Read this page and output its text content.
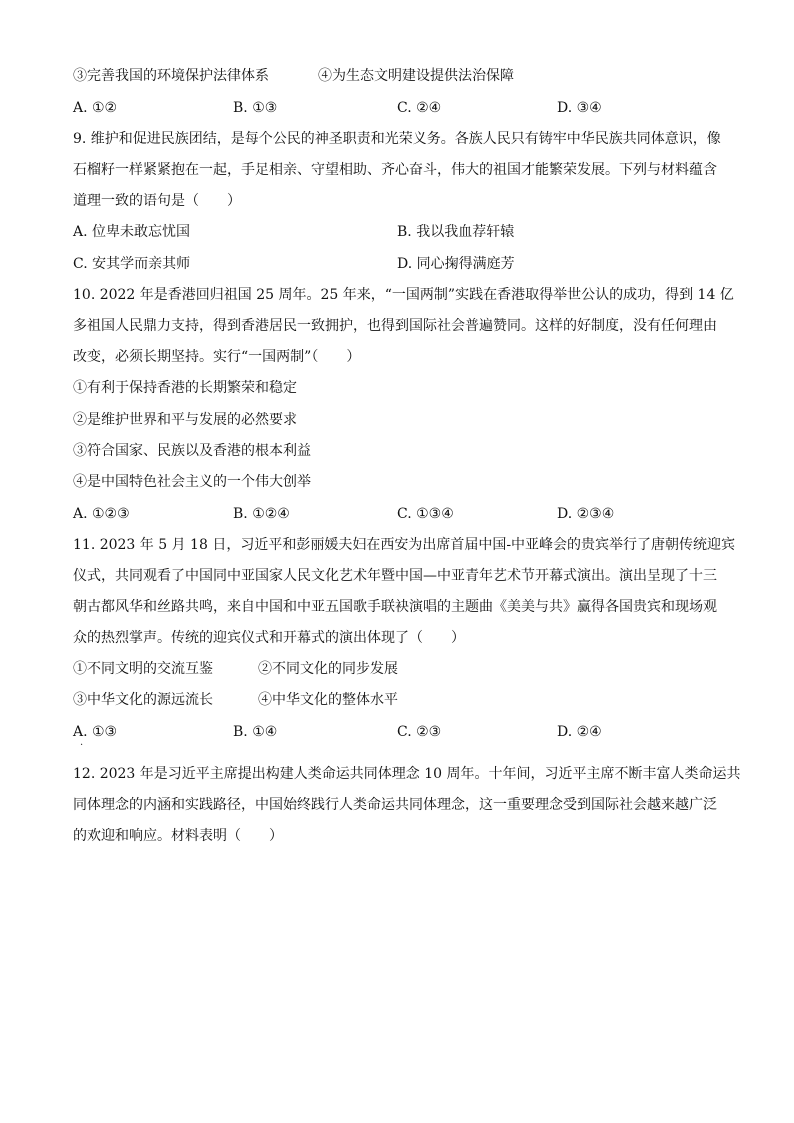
③完善我国的环境保护法律体系	④为生态文明建设提供法治保障
A. ①②	B. ①③	C. ②④	D. ③④
9. 维护和促进民族团结，是每个公民的神圣职责和光荣义务。各族人民只有铸牢中华民族共同体意识，像
石榴籽一样紧紧抱在一起，手足相亲、守望相助、齐心奋斗，伟大的祖国才能繁荣发展。下列与材料蕴含
道理一致的语句是（　　）
A. 位卑未敢忘忧国	B. 我以我血荐轩辕
C. 安其学而亲其师	D. 同心掬得满庭芳
10. 2022 年是香港回归祖国 25 周年。25 年来，“一国两制”实践在香港取得举世公认的成功，得到 14 亿
多祖国人民鼎力支持，得到香港居民一致拥护，也得到国际社会普遍赞同。这样的好制度，没有任何理由
改变，必须长期坚持。实行“一国两制”（　　）
①有利于保持香港的长期繁荣和稳定
②是维护世界和平与发展的必然要求
③符合国家、民族以及香港的根本利益
④是中国特色社会主义的一个伟大创举
A. ①②③	B. ①②④	C. ①③④	D. ②③④
11. 2023 年 5 月 18 日，习近平和彭丽媛夫妇在西安为出席首届中国-中亚峰会的贵宾举行了唐朝传统迎宾
仪式，共同观看了中国同中亚国家人民文化艺术年暨中国—中亚青年艺术节开幕式演出。演出呈现了十三
朝古都风华和丝路共鸣，来自中国和中亚五国歌手联袂演唱的主题曲《美美与共》赢得各国贵宾和现场观
众的热烈掌声。传统的迎宾仪式和开幕式的演出体现了（　　）
①不同文明的交流互鉴	②不同文化的同步发展
③中华文化的源远流长	④中华文化的整体水平
A. ①③
·
B. ①④	C. ②③	D. ②④
12. 2023 年是习近平主席提出构建人类命运共同体理念 10 周年。十年间，习近平主席不断丰富人类命运共
同体理念的内涵和实践路径，中国始终践行人类命运共同体理念，这一重要理念受到国际社会越来越广泛
的欢迎和响应。材料表明（　　）
